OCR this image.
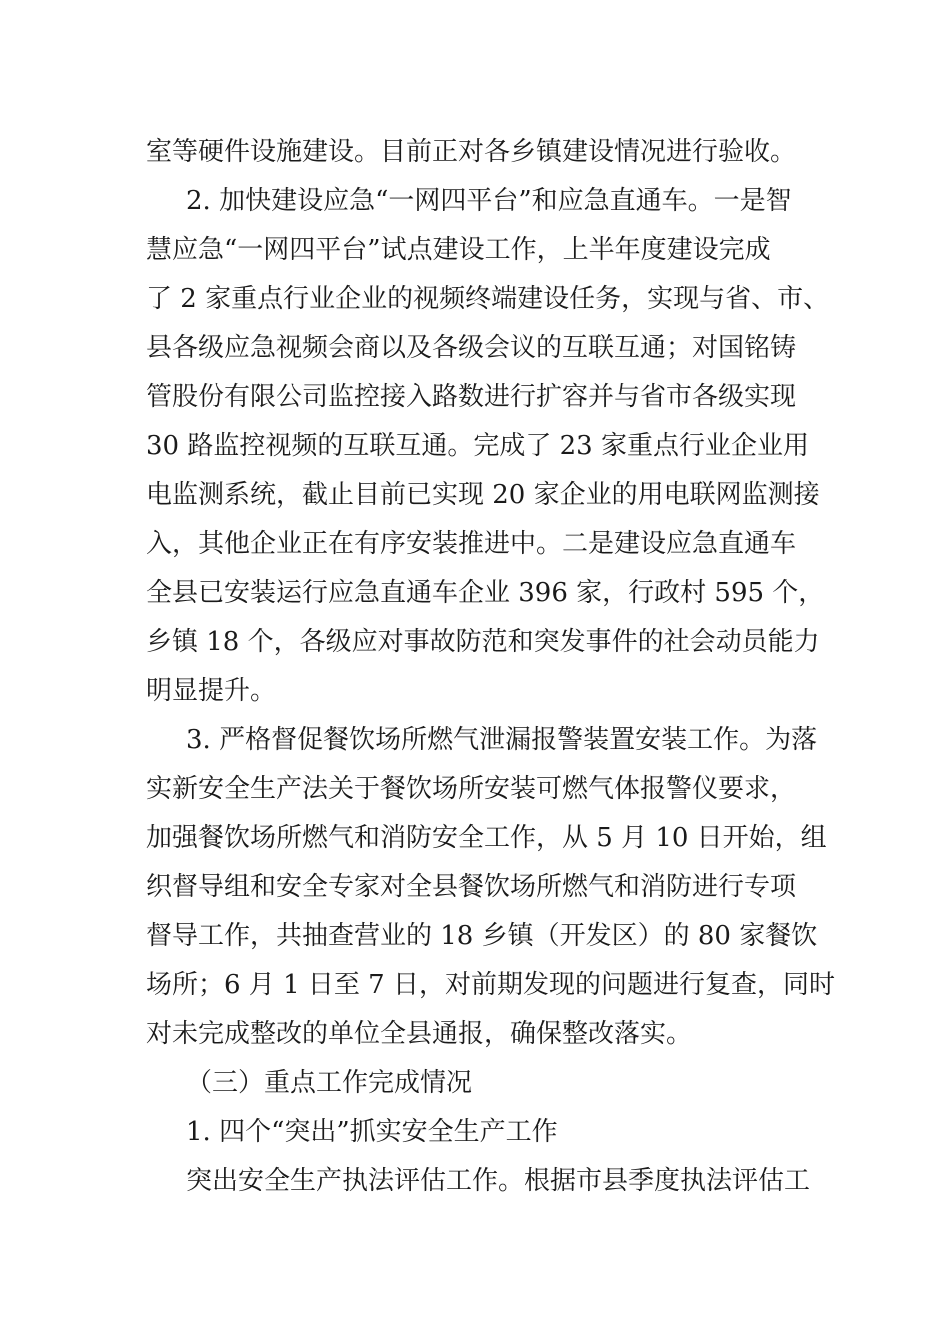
室等硬件设施建设。目前正对各乡镇建设情况进行验收。
2. 加快建设应急“一网四平台”和应急直通车。一是智
慧应急“一网四平台”试点建设工作，上半年度建设完成
了 2 家重点行业企业的视频终端建设任务，实现与省、市、
县各级应急视频会商以及各级会议的互联互通；对国铭铸
管股份有限公司监控接入路数进行扩容并与省市各级实现
30 路监控视频的互联互通。完成了 23 家重点行业企业用
电监测系统，截止目前已实现 20 家企业的用电联网监测接
入，其他企业正在有序安装推进中。二是建设应急直通车
全县已安装运行应急直通车企业 396 家，行政村 595 个，
乡镇 18 个，各级应对事故防范和突发事件的社会动员能力
明显提升。
3. 严格督促餐饮场所燃气泄漏报警装置安装工作。为落
实新安全生产法关于餐饮场所安装可燃气体报警仪要求，
加强餐饮场所燃气和消防安全工作，从 5 月 10 日开始，组
织督导组和安全专家对全县餐饮场所燃气和消防进行专项
督导工作，共抽查营业的 18 乡镇（开发区）的 80 家餐饮
场所；6 月 1 日至 7 日，对前期发现的问题进行复查，同时
对未完成整改的单位全县通报，确保整改落实。
（三）重点工作完成情况
1. 四个“突出”抓实安全生产工作
突出安全生产执法评估工作。根据市县季度执法评估工
